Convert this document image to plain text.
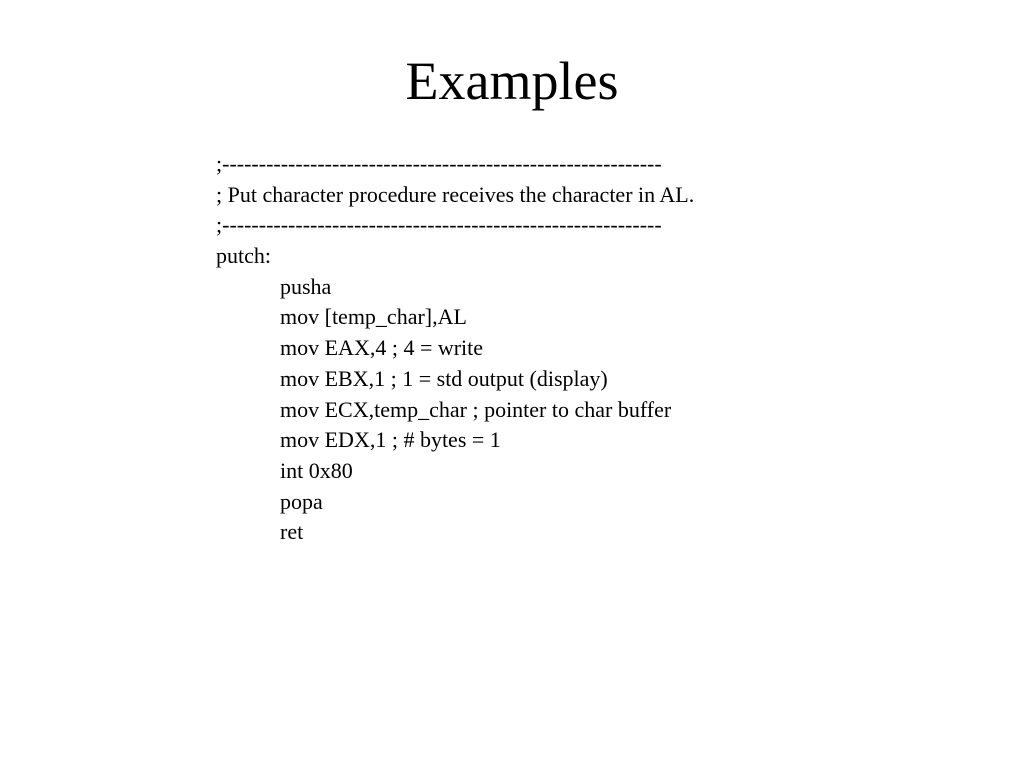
Examples
;------------------------------------------------------------
; Put character procedure receives the character in AL.
;------------------------------------------------------------
putch:
pusha
mov [temp_char],AL
mov EAX,4 ; 4 = write
mov EBX,1 ; 1 = std output (display)
mov ECX,temp_char ; pointer to char buffer
mov EDX,1 ; # bytes = 1
int 0x80
popa
ret
